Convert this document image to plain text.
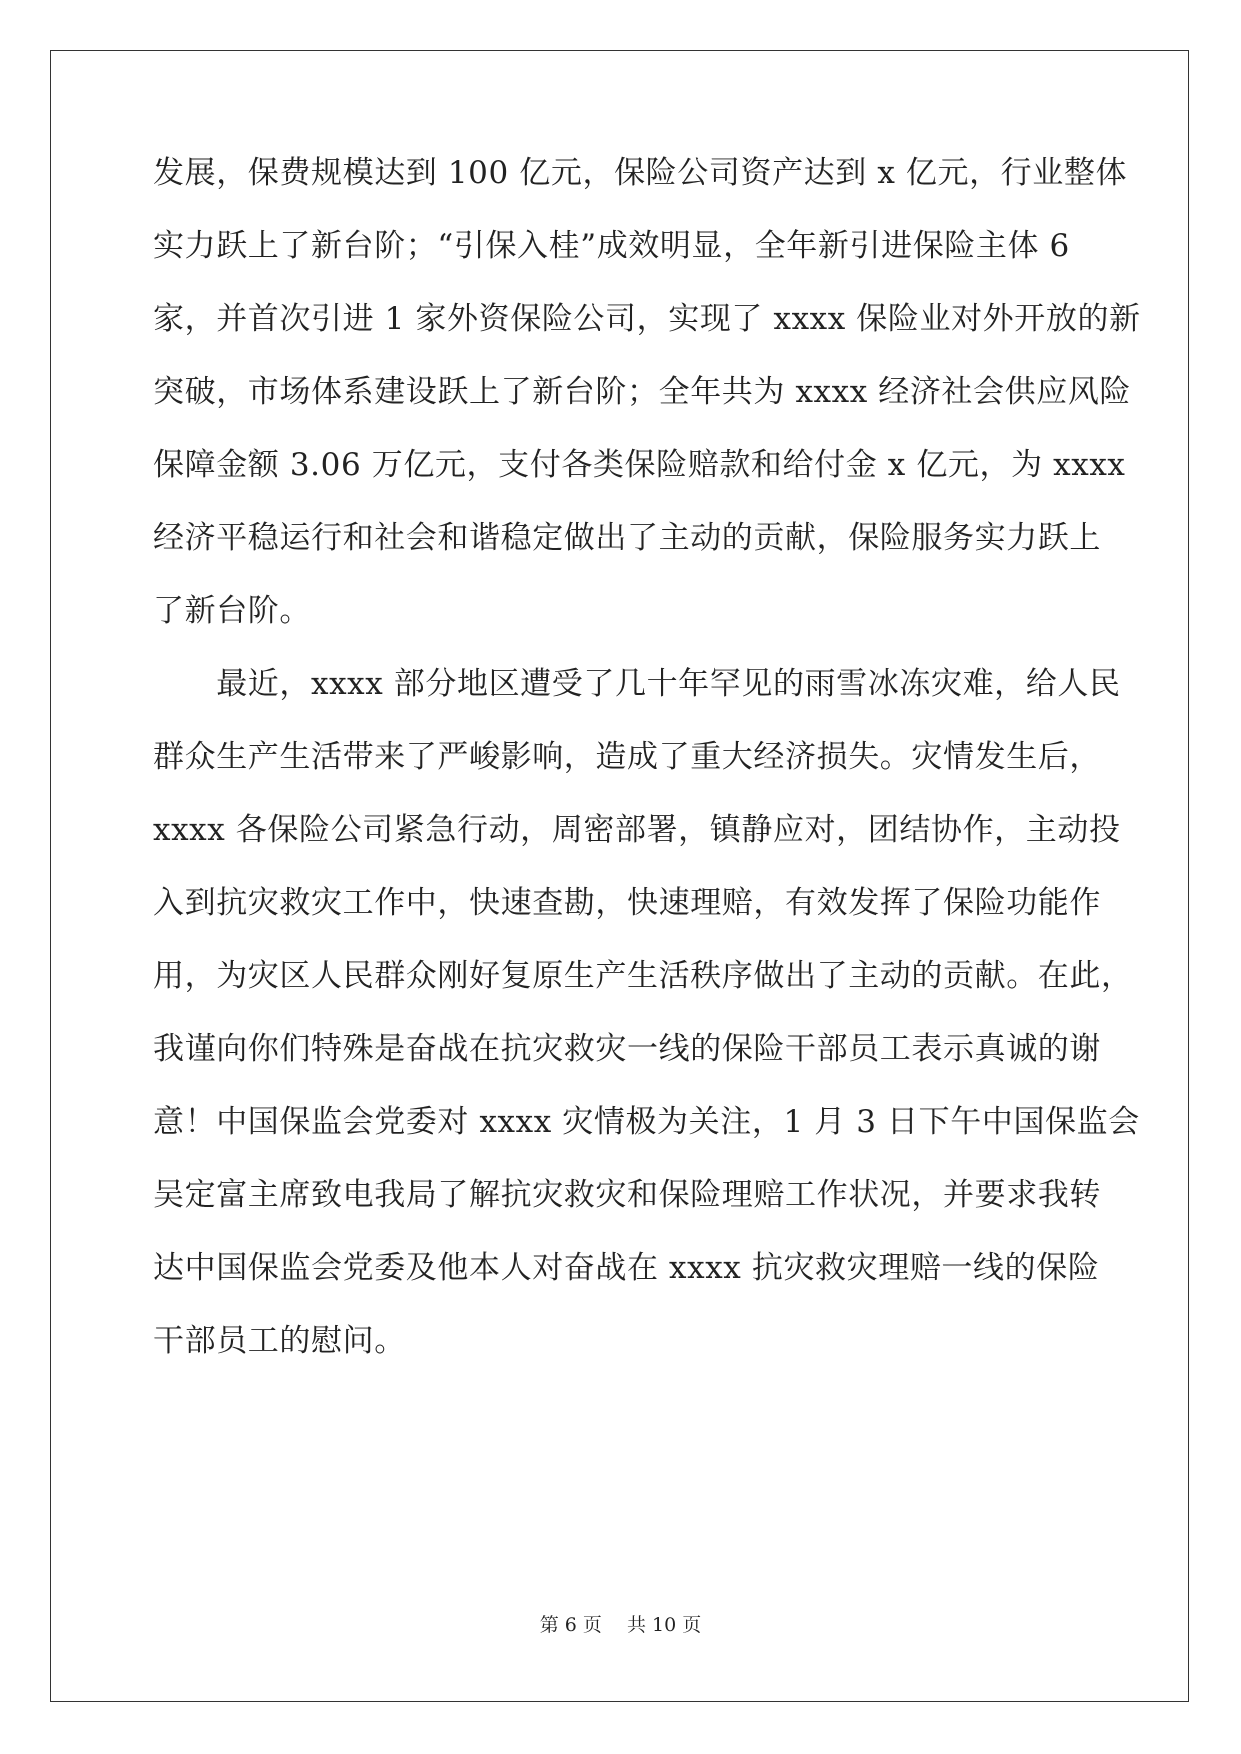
发展，保费规模达到 100 亿元，保险公司资产达到 x 亿元，行业整体
实力跃上了新台阶；“引保入桂”成效明显，全年新引进保险主体 6
家，并首次引进 1 家外资保险公司，实现了 xxxx 保险业对外开放的新
突破，市场体系建设跃上了新台阶；全年共为 xxxx 经济社会供应风险
保障金额 3.06 万亿元，支付各类保险赔款和给付金 x 亿元，为 xxxx
经济平稳运行和社会和谐稳定做出了主动的贡献，保险服务实力跃上
了新台阶。
　　最近，xxxx 部分地区遭受了几十年罕见的雨雪冰冻灾难，给人民
群众生产生活带来了严峻影响，造成了重大经济损失。灾情发生后，
xxxx 各保险公司紧急行动，周密部署，镇静应对，团结协作，主动投
入到抗灾救灾工作中，快速查勘，快速理赔，有效发挥了保险功能作
用，为灾区人民群众刚好复原生产生活秩序做出了主动的贡献。在此，
我谨向你们特殊是奋战在抗灾救灾一线的保险干部员工表示真诚的谢
意！中国保监会党委对 xxxx 灾情极为关注，1 月 3 日下午中国保监会
吴定富主席致电我局了解抗灾救灾和保险理赔工作状况，并要求我转
达中国保监会党委及他本人对奋战在 xxxx 抗灾救灾理赔一线的保险
干部员工的慰问。
第 6 页　 共 10 页
